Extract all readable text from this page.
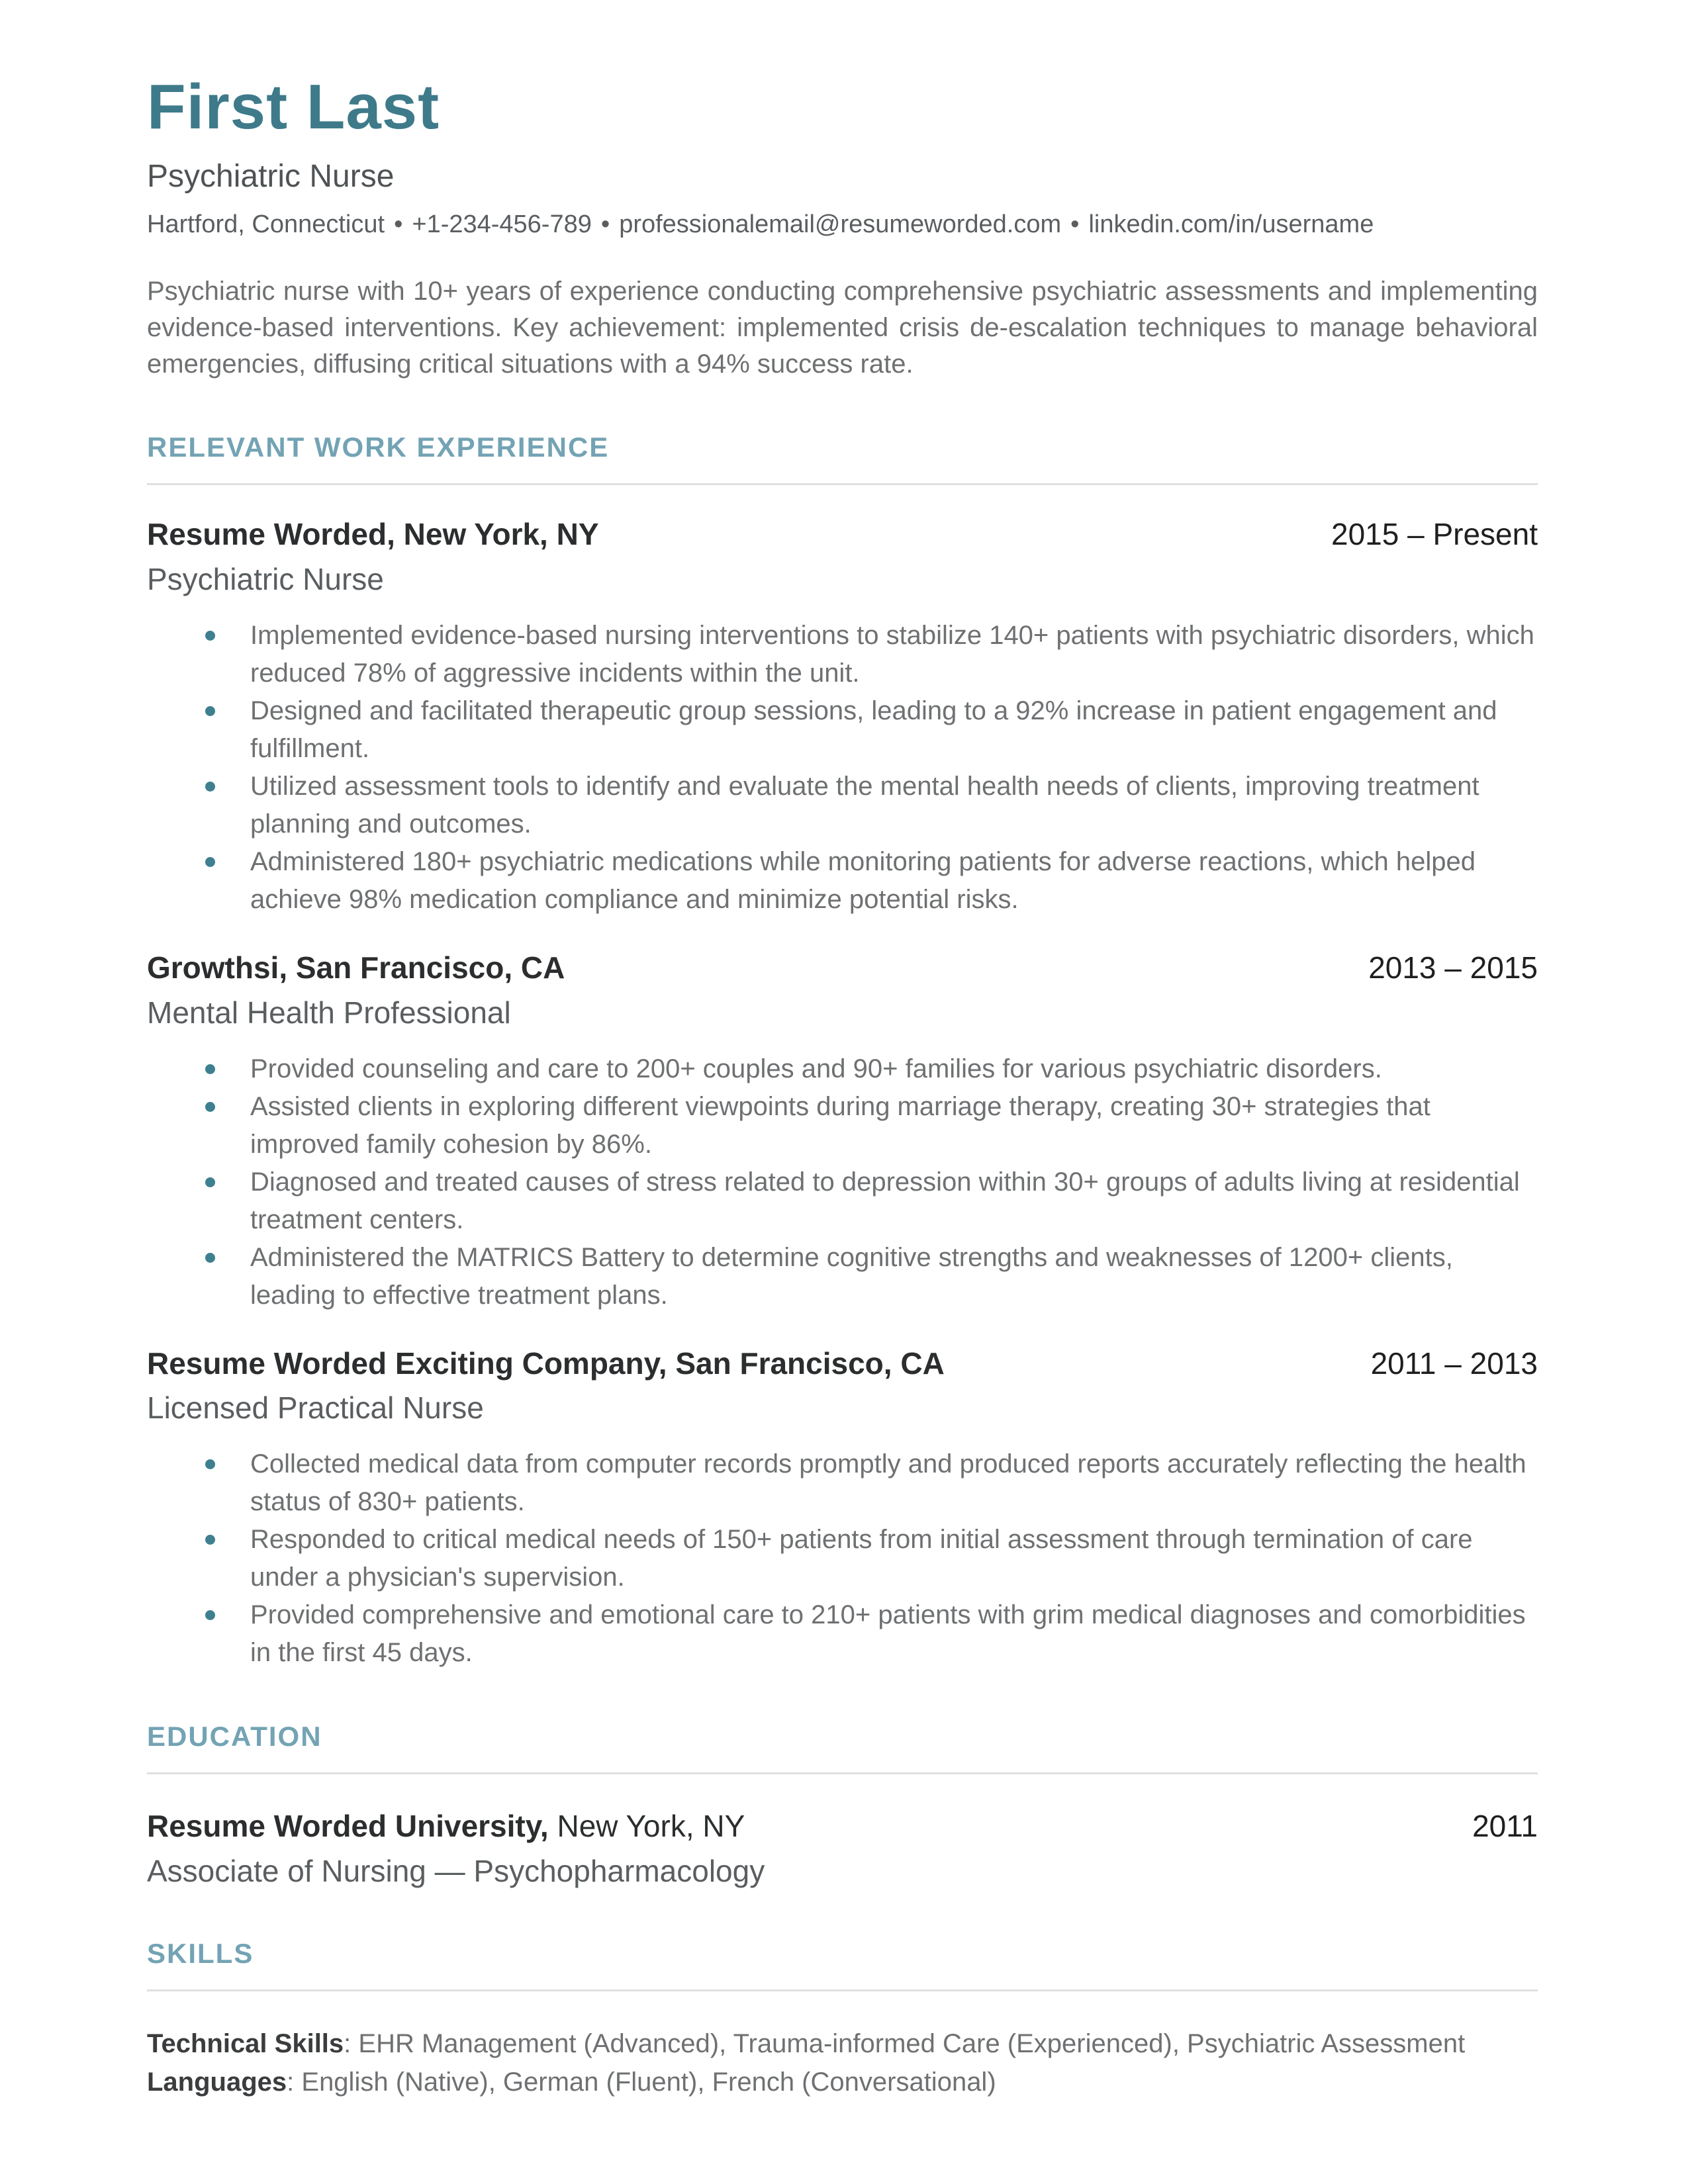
First Last
Psychiatric Nurse
Hartford, Connecticut • +1-234-456-789 • professionalemail@resumeworded.com • linkedin.com/in/username
Psychiatric nurse with 10+ years of experience conducting comprehensive psychiatric assessments and implementing evidence-based interventions. Key achievement: implemented crisis de-escalation techniques to manage behavioral emergencies, diffusing critical situations with a 94% success rate.
RELEVANT WORK EXPERIENCE
Resume Worded, New York, NY	2015 – Present
Psychiatric Nurse
Implemented evidence-based nursing interventions to stabilize 140+ patients with psychiatric disorders, which reduced 78% of aggressive incidents within the unit.
Designed and facilitated therapeutic group sessions, leading to a 92% increase in patient engagement and fulfillment.
Utilized assessment tools to identify and evaluate the mental health needs of clients, improving treatment planning and outcomes.
Administered 180+ psychiatric medications while monitoring patients for adverse reactions, which helped achieve 98% medication compliance and minimize potential risks.
Growthsi, San Francisco, CA	2013 – 2015
Mental Health Professional
Provided counseling and care to 200+ couples and 90+ families for various psychiatric disorders.
Assisted clients in exploring different viewpoints during marriage therapy, creating 30+ strategies that improved family cohesion by 86%.
Diagnosed and treated causes of stress related to depression within 30+ groups of adults living at residential treatment centers.
Administered the MATRICS Battery to determine cognitive strengths and weaknesses of 1200+ clients, leading to effective treatment plans.
Resume Worded Exciting Company, San Francisco, CA	2011 – 2013
Licensed Practical Nurse
Collected medical data from computer records promptly and produced reports accurately reflecting the health status of 830+ patients.
Responded to critical medical needs of 150+ patients from initial assessment through termination of care under a physician's supervision.
Provided comprehensive and emotional care to 210+ patients with grim medical diagnoses and comorbidities in the first 45 days.
EDUCATION
Resume Worded University, New York, NY	2011
Associate of Nursing — Psychopharmacology
SKILLS

Technical Skills: EHR Management (Advanced), Trauma-informed Care (Experienced), Psychiatric Assessment

Languages: English (Native), German (Fluent), French (Conversational)
